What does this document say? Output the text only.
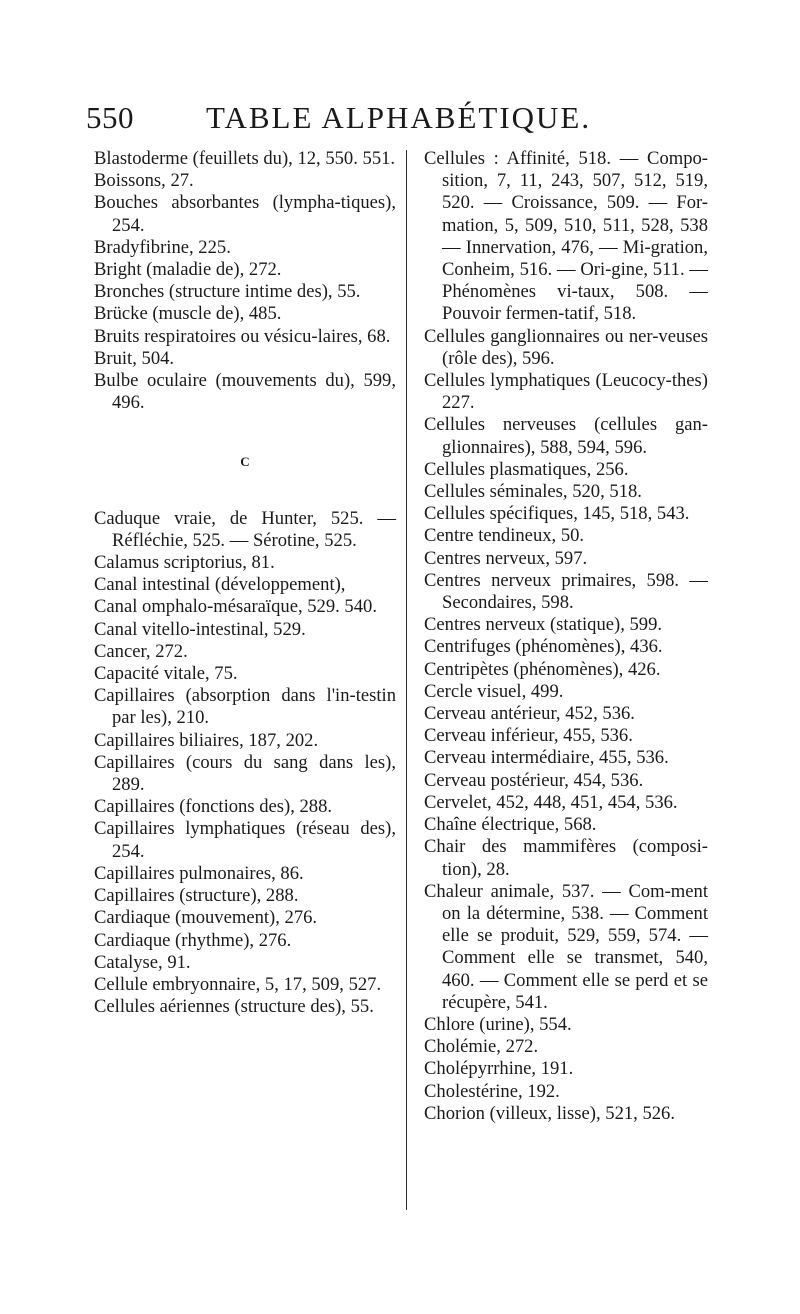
550 TABLE ALPHABÉTIQUE.
Blastoderme (feuillets du), 12, 550. 551.
Boissons, 27.
Bouches absorbantes (lympha-tiques), 254.
Bradyfibrine, 225.
Bright (maladie de), 272.
Bronches (structure intime des), 55.
Brücke (muscle de), 485.
Bruits respiratoires ou vésicu-laires, 68.
Bruit, 504.
Bulbe oculaire (mouvements du), 599, 496.
C
Caduque vraie, de Hunter, 525. — Réfléchie, 525. — Sérotine, 525.
Calamus scriptorius, 81.
Canal intestinal (développement),
Canal omphalo-mésaraïque, 529. 540.
Canal vitello-intestinal, 529.
Cancer, 272.
Capacité vitale, 75.
Capillaires (absorption dans l'in-testin par les), 210.
Capillaires biliaires, 187, 202.
Capillaires (cours du sang dans les), 289.
Capillaires (fonctions des), 288.
Capillaires lymphatiques (réseau des), 254.
Capillaires pulmonaires, 86.
Capillaires (structure), 288.
Cardiaque (mouvement), 276.
Cardiaque (rhythme), 276.
Catalyse, 91.
Cellule embryonnaire, 5, 17, 509, 527.
Cellules aériennes (structure des), 55.
Cellules : Affinité, 518. — Compo-sition, 7, 11, 243, 507, 512, 519, 520. — Croissance, 509. — For-mation, 5, 509, 510, 511, 528, 538 — Innervation, 476, — Mi-gration, Conheim, 516. — Ori-gine, 511. — Phénomènes vi-taux, 508. — Pouvoir fermen-tatif, 518.
Cellules ganglionnaires ou ner-veuses (rôle des), 596.
Cellules lymphatiques (Leucocy-thes) 227.
Cellules nerveuses (cellules gan-glionnaires), 588, 594, 596.
Cellules plasmatiques, 256.
Cellules séminales, 520, 518.
Cellules spécifiques, 145, 518, 543.
Centre tendineux, 50.
Centres nerveux, 597.
Centres nerveux primaires, 598. — Secondaires, 598.
Centres nerveux (statique), 599.
Centrifuges (phénomènes), 436.
Centripètes (phénomènes), 426.
Cercle visuel, 499.
Cerveau antérieur, 452, 536.
Cerveau inférieur, 455, 536.
Cerveau intermédiaire, 455, 536.
Cerveau postérieur, 454, 536.
Cervelet, 452, 448, 451, 454, 536.
Chaîne électrique, 568.
Chair des mammifères (composi-tion), 28.
Chaleur animale, 537. — Com-ment on la détermine, 538. — Comment elle se produit, 529, 559, 574. — Comment elle se transmet, 540, 460. — Comment elle se perd et se récupère, 541.
Chlore (urine), 554.
Cholémie, 272.
Cholépyrrhine, 191.
Cholestérine, 192.
Chorion (villeux, lisse), 521, 526.
